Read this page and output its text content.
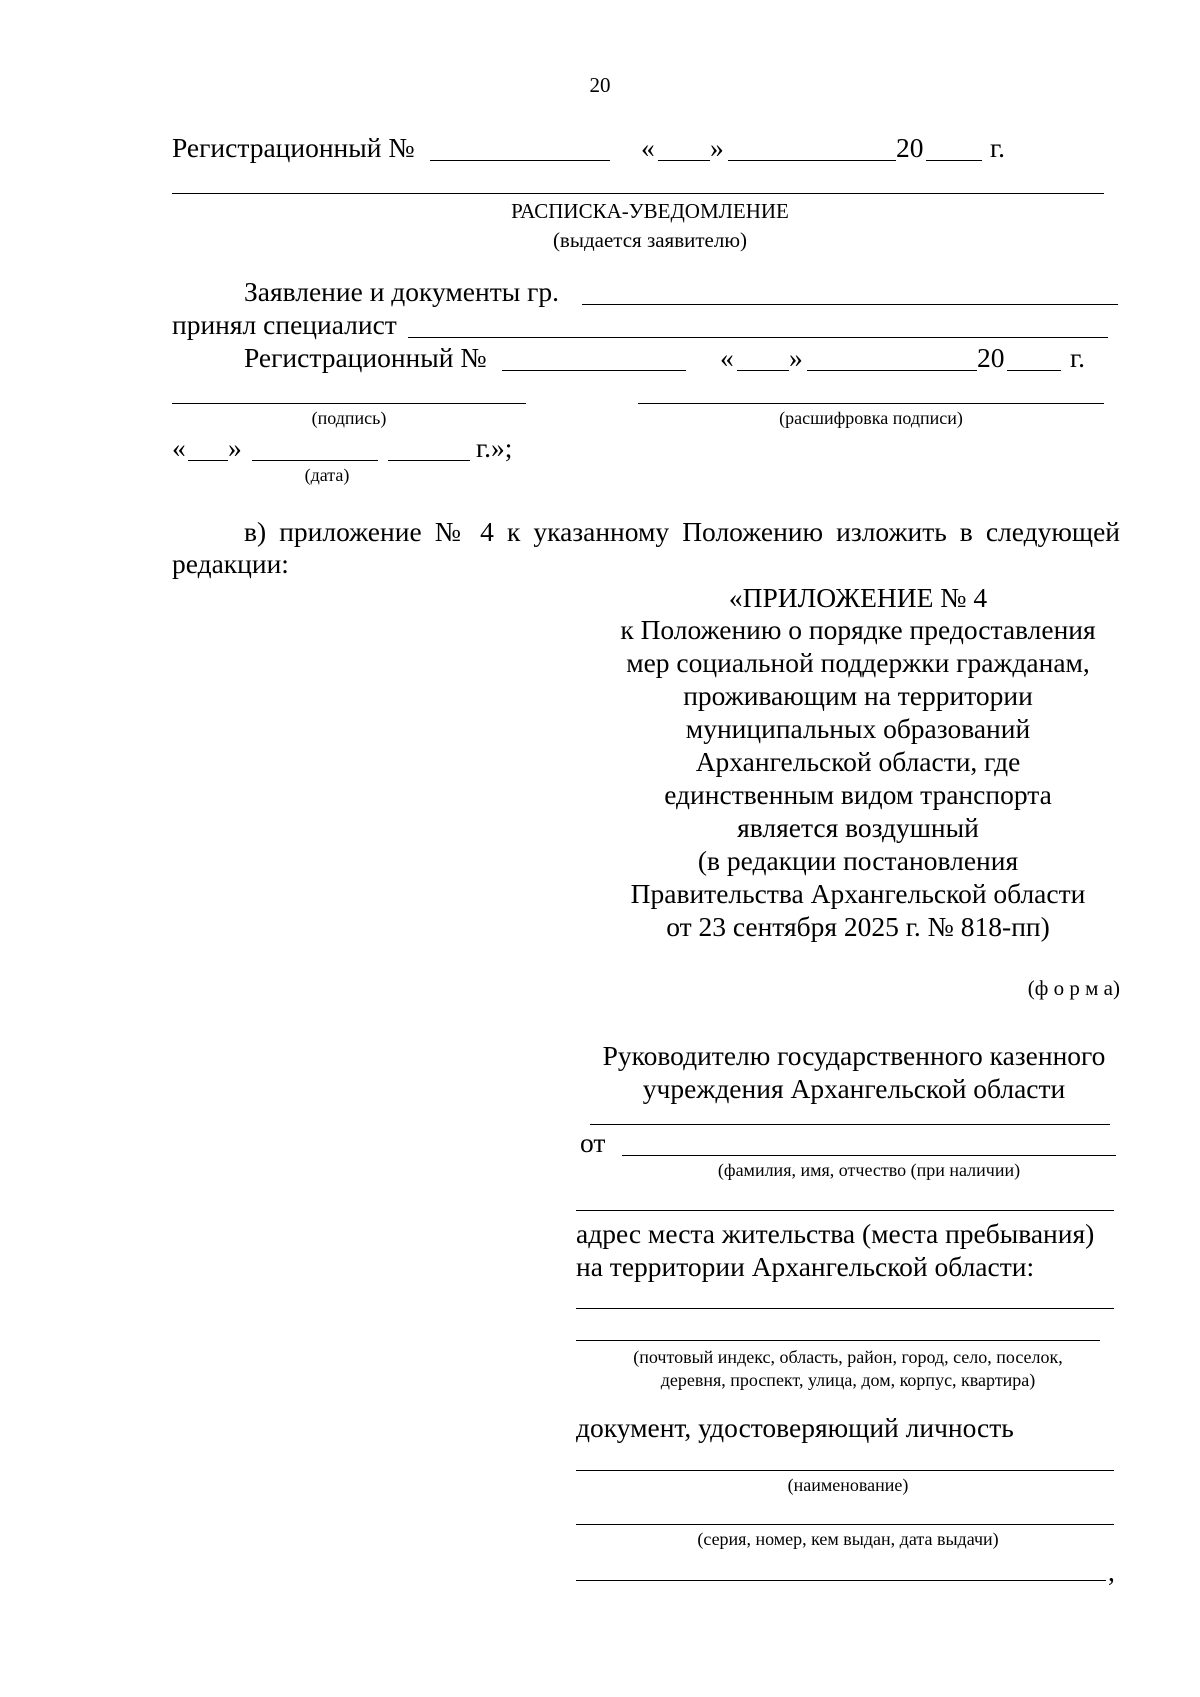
20
Регистрационный №	« »	20 г.
РАСПИСКА-УВЕДОМЛЕНИЕ
(выдается заявителю)
Заявление и документы гр.
принял специалист
Регистрационный №	« »	20 г.
(подпись)	(расшифровка подписи)
« »	г.»;
(дата)
в) приложение № 4 к указанному Положению изложить в следующей
редакции:
«ПРИЛОЖЕНИЕ № 4
к Положению о порядке предоставления
мер социальной поддержки гражданам,
проживающим на территории
муниципальных образований
Архангельской области, где
единственным видом транспорта
является воздушный
(в редакции постановления
Правительства Архангельской области
от 23 сентября 2025 г. № 818-пп)
(ф о р м а)
Руководителю государственного казенного
учреждения Архангельской области
от
(фамилия, имя, отчество (при наличии)
адрес места жительства (места пребывания)
на территории Архангельской области:
(почтовый индекс, область, район, город, село, поселок,
деревня, проспект, улица, дом, корпус, квартира)
документ, удостоверяющий личность
(наименование)
(серия, номер, кем выдан, дата выдачи)
,
